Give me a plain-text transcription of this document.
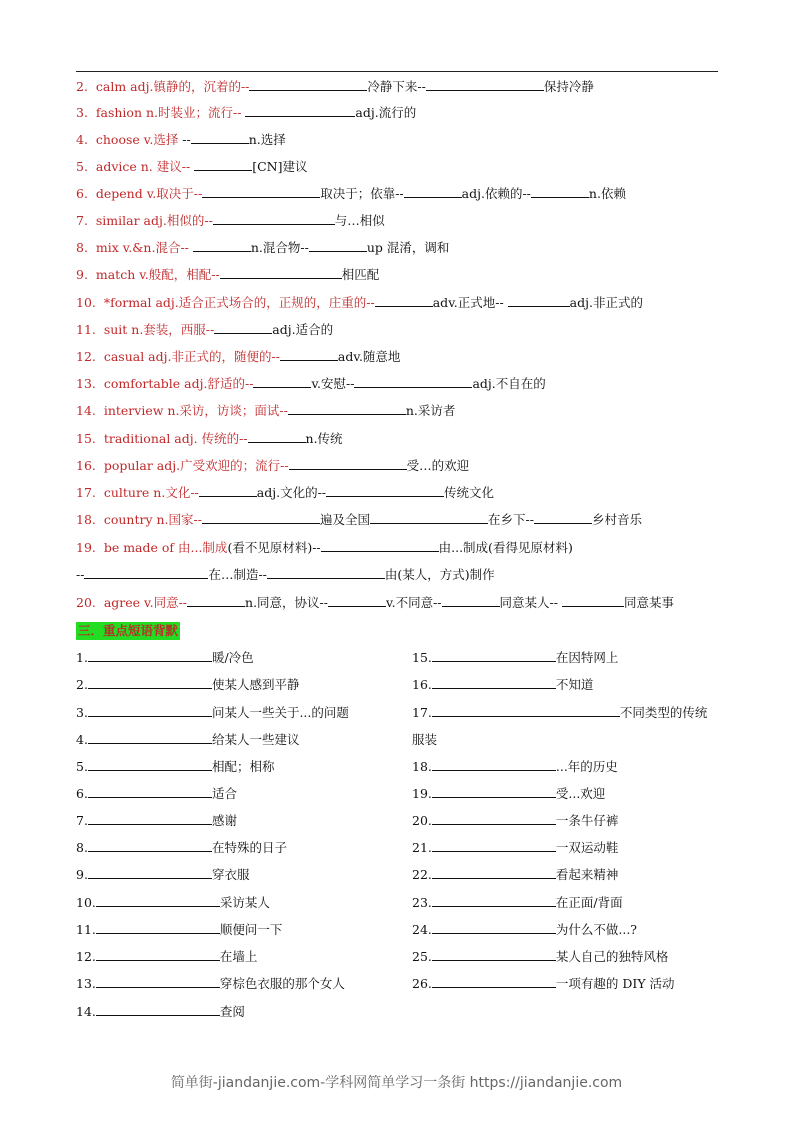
2.  calm adj.镇静的，沉着的--	冷静下来--	保持冷静
3.  fashion n.时装业；流行--	adj.流行的
4.  choose v.选择 --	n.选择
5.  advice n. 建议--	[CN]建议
6.  depend v.取决于--	取决于；依靠--	adj.依赖的--	n.依赖
7.  similar adj.相似的--	与…相似
8.  mix v.&n.混合--	n.混合物--	up 混淆，调和
9.  match v.般配，相配--	相匹配
10.  *formal adj.适合正式场合的，正规的，庄重的--	adv.正式地--	adj.非正式的
11.  suit n.套装，西服--	adj.适合的
12.  casual adj.非正式的，随便的--	adv.随意地
13.  comfortable adj.舒适的--	v.安慰--	adj.不自在的
14.  interview n.采访，访谈；面试--	n.采访者
15.  traditional adj. 传统的--	n.传统
16.  popular adj.广受欢迎的；流行--	受…的欢迎
17.  culture n.文化--	adj.文化的--	传统文化
18.  country n.国家--	遍及全国	在乡下--	乡村音乐
19.  be made of 由...制成(看不见原材料)--	由...制成(看得见原材料)
--	在…制造--	由(某人，方式)制作
20.  agree v.同意--	n.同意，协议--	v.不同意--	同意某人--	同意某事
三．重点短语背默
1.	暖/冷色
2.	使某人感到平静
3.	问某人一些关于...的问题
4.	给某人一些建议
5.	相配；相称
6.	适合
7.	感谢
8.	在特殊的日子
9.	穿衣服
10.	采访某人
11.	顺便问一下
12.	在墙上
13.	穿棕色衣服的那个女人
14.	查阅
15.	在因特网上
16.	不知道
17.	不同类型的传统
服装
18.	...年的历史
19.	受...欢迎
20.	一条牛仔裤
21.	一双运动鞋
22.	看起来精神
23.	在正面/背面
24.	为什么不做...?
25.	某人自己的独特风格
26.	一项有趣的 DIY 活动
简单街-jiandanjie.com-学科网简单学习一条街 https://jiandanjie.com
